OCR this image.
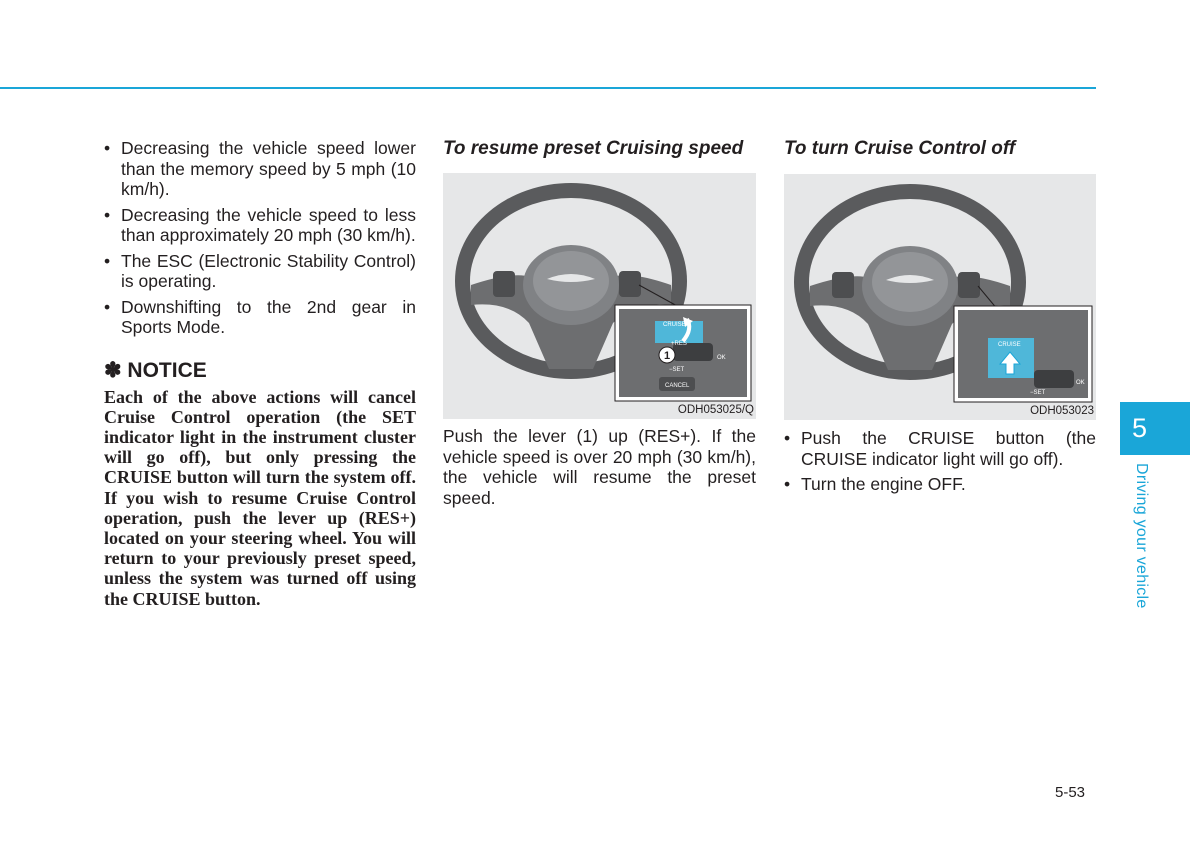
• Decreasing the vehicle speed lower than the memory speed by 5 mph (10 km/h).
• Decreasing the vehicle speed to less than approximately 20 mph (30 km/h).
• The ESC (Electronic Stability Control) is operating.
• Downshifting to the 2nd gear in Sports Mode.
✽ NOTICE

Each of the above actions will cancel Cruise Control operation (the SET indicator light in the instrument cluster will go off), but only pressing the CRUISE button will turn the system off. If you wish to resume Cruise Control operation, push the lever up (RES+) located on your steering wheel. You will return to your previously preset speed, unless the system was turned off using the CRUISE button.

To resume preset Cruising speed
1
CRUISE
+RES
−SET
OK
CANCEL
ODH053025/Q

Push the lever (1) up (RES+). If the vehicle speed is over 20 mph (30 km/h), the vehicle will resume the preset speed.

To turn Cruise Control off
CRUISE
−SET
OK
ODH053023
• Push the CRUISE button (the CRUISE indicator light will go off).
• Turn the engine OFF.
5
Driving your vehicle
5-53
